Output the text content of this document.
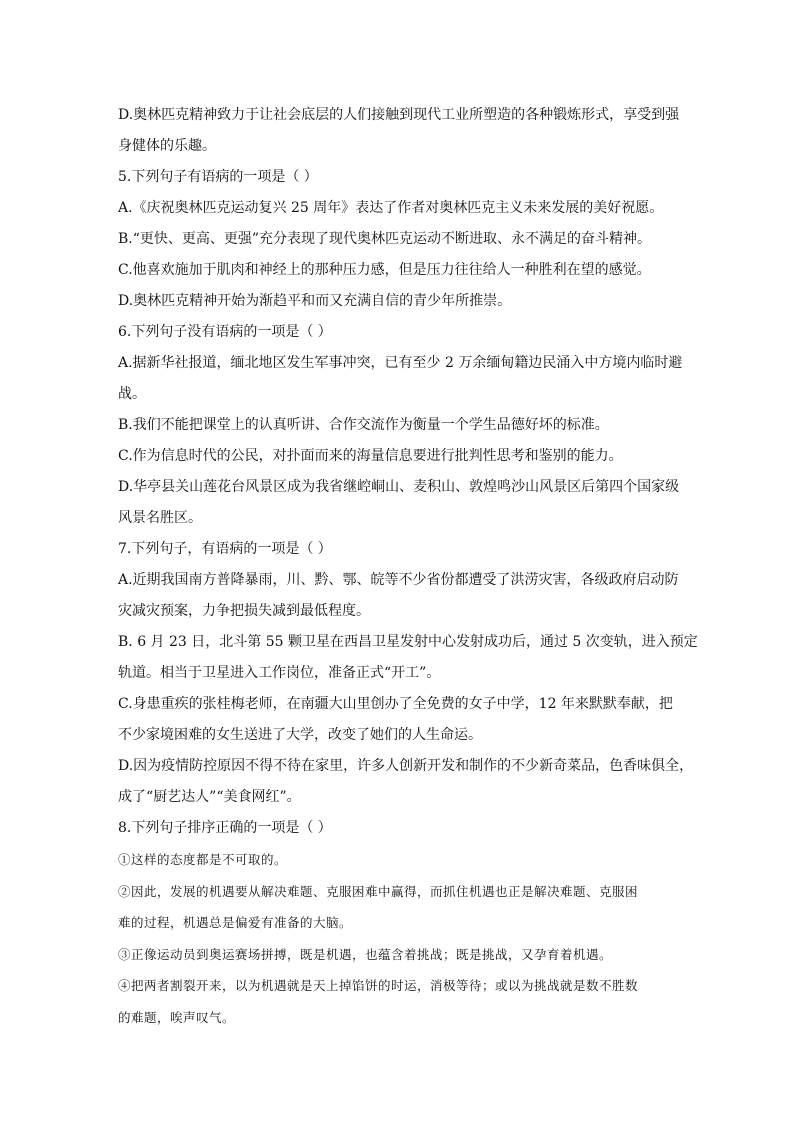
D.奥林匹克精神致力于让社会底层的人们接触到现代工业所塑造的各种锻炼形式，享受到强
身健体的乐趣。
5.下列句子有语病的一项是（ ）
A.《庆祝奥林匹克运动复兴 25 周年》表达了作者对奥林匹克主义未来发展的美好祝愿。
B.“更快、更高、更强”充分表现了现代奥林匹克运动不断进取、永不满足的奋斗精神。
C.他喜欢施加于肌肉和神经上的那种压力感，但是压力往往给人一种胜利在望的感觉。
D.奥林匹克精神开始为渐趋平和而又充满自信的青少年所推崇。
6.下列句子没有语病的一项是（ ）
A.据新华社报道，缅北地区发生军事冲突，已有至少 2 万余缅甸籍边民涌入中方境内临时避
战。
B.我们不能把课堂上的认真听讲、合作交流作为衡量一个学生品德好坏的标准。
C.作为信息时代的公民，对扑面而来的海量信息要进行批判性思考和鉴别的能力。
D.华亭县关山莲花台风景区成为我省继崆峒山、麦积山、敦煌鸣沙山风景区后第四个国家级
风景名胜区。
7.下列句子，有语病的一项是（ ）
A.近期我国南方普降暴雨，川、黔、鄂、皖等不少省份都遭受了洪涝灾害，各级政府启动防
灾减灾预案，力争把损失减到最低程度。
B. 6 月 23 日，北斗第 55 颗卫星在西昌卫星发射中心发射成功后，通过 5 次变轨，进入预定
轨道。相当于卫星进入工作岗位，准备正式“开工”。
C.身患重疾的张桂梅老师，在南疆大山里创办了全免费的女子中学，12 年来默默奉献，把
不少家境困难的女生送进了大学，改变了她们的人生命运。
D.因为疫情防控原因不得不待在家里，许多人创新开发和制作的不少新奇菜品，色香味俱全，
成了“厨艺达人”“美食网红”。
8.下列句子排序正确的一项是（ ）
①这样的态度都是不可取的。
②因此，发展的机遇要从解决难题、克服困难中赢得，而抓住机遇也正是解决难题、克服困
难的过程，机遇总是偏爱有准备的大脑。
③正像运动员到奥运赛场拼搏，既是机遇，也蕴含着挑战；既是挑战，又孕育着机遇。
④把两者割裂开来，以为机遇就是天上掉馅饼的时运，消极等待；或以为挑战就是数不胜数
的难题，唉声叹气。
